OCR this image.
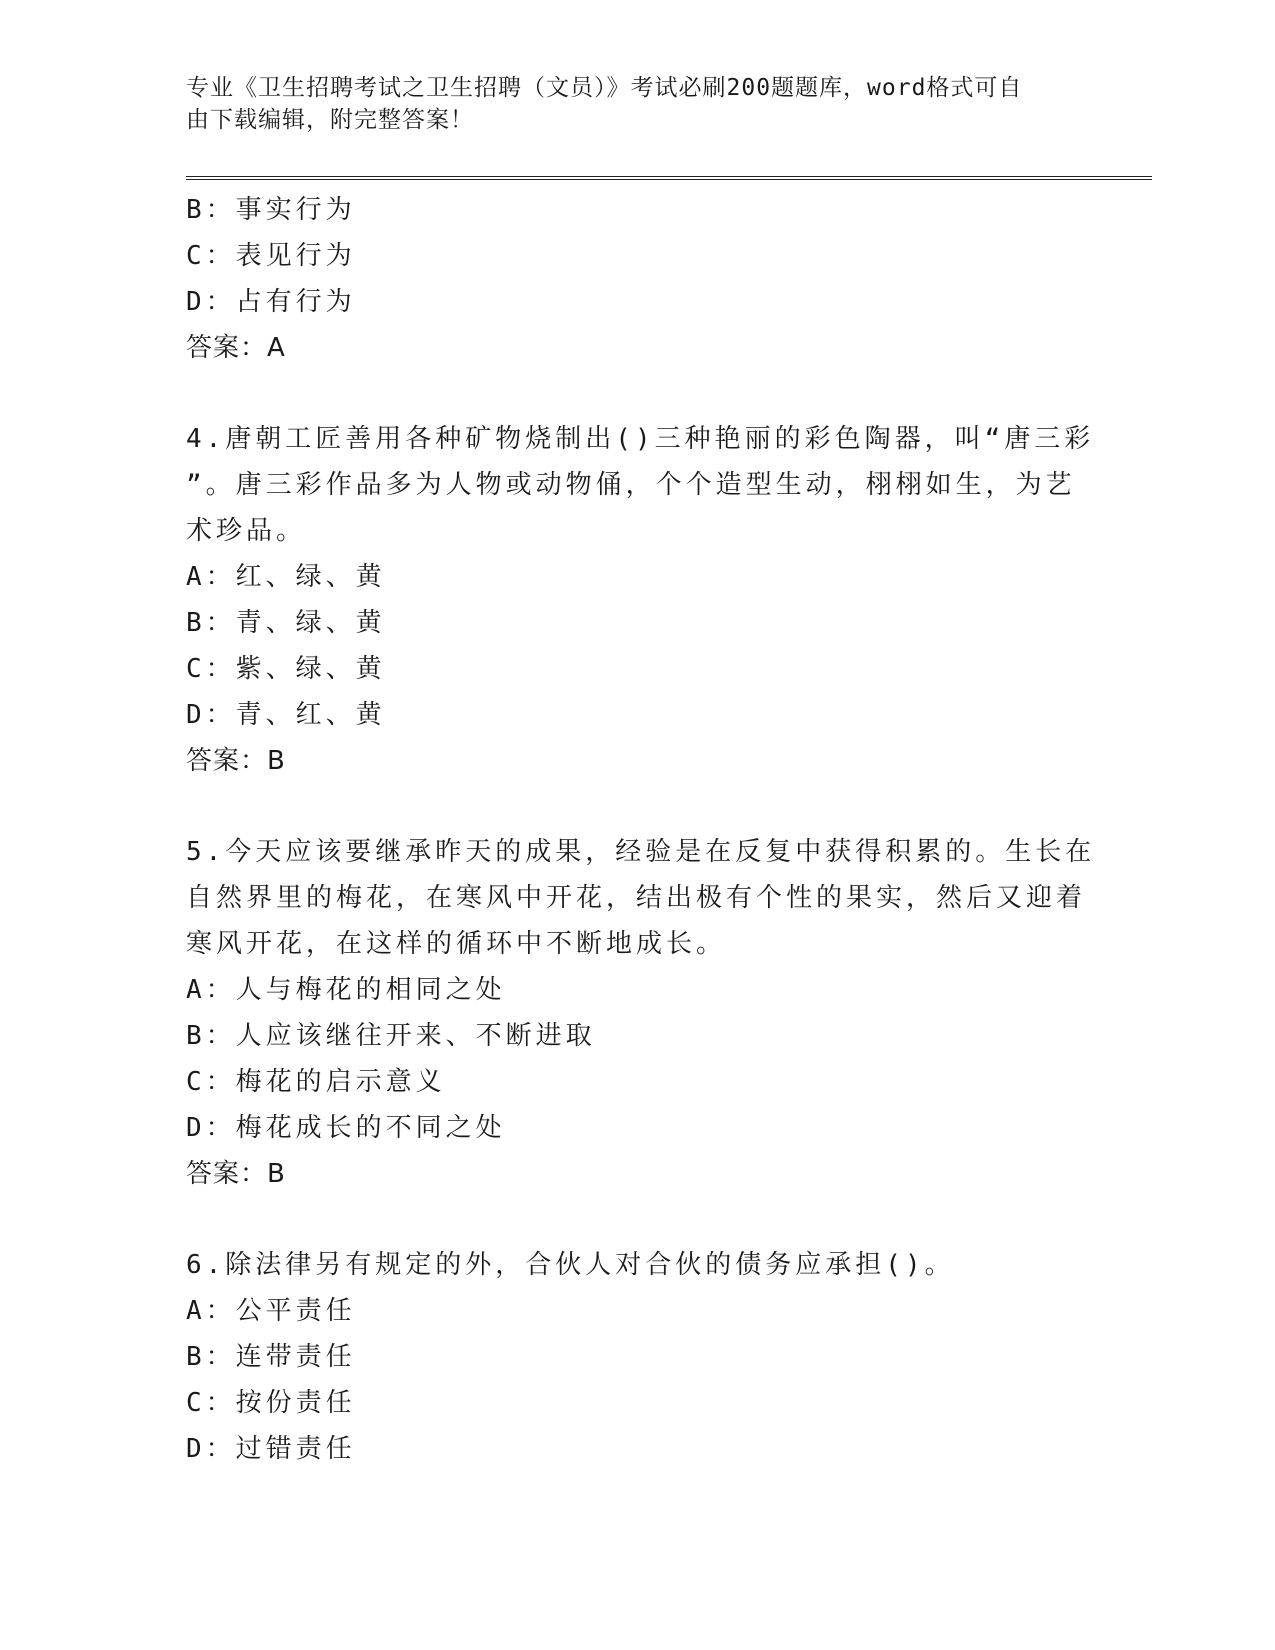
专业《卫生招聘考试之卫生招聘（文员）》考试必刷200题题库，word格式可自
由下载编辑，附完整答案！
B：事实行为
C：表见行为
D：占有行为
答案：A
4.唐朝工匠善用各种矿物烧制出()三种艳丽的彩色陶器，叫“唐三彩
”。唐三彩作品多为人物或动物俑，个个造型生动，栩栩如生，为艺
术珍品。
A：红、绿、黄
B：青、绿、黄
C：紫、绿、黄
D：青、红、黄
答案：B
5.今天应该要继承昨天的成果，经验是在反复中获得积累的。生长在
自然界里的梅花，在寒风中开花，结出极有个性的果实，然后又迎着
寒风开花，在这样的循环中不断地成长。
A：人与梅花的相同之处
B：人应该继往开来、不断进取
C：梅花的启示意义
D：梅花成长的不同之处
答案：B
6.除法律另有规定的外，合伙人对合伙的债务应承担()。
A：公平责任
B：连带责任
C：按份责任
D：过错责任
